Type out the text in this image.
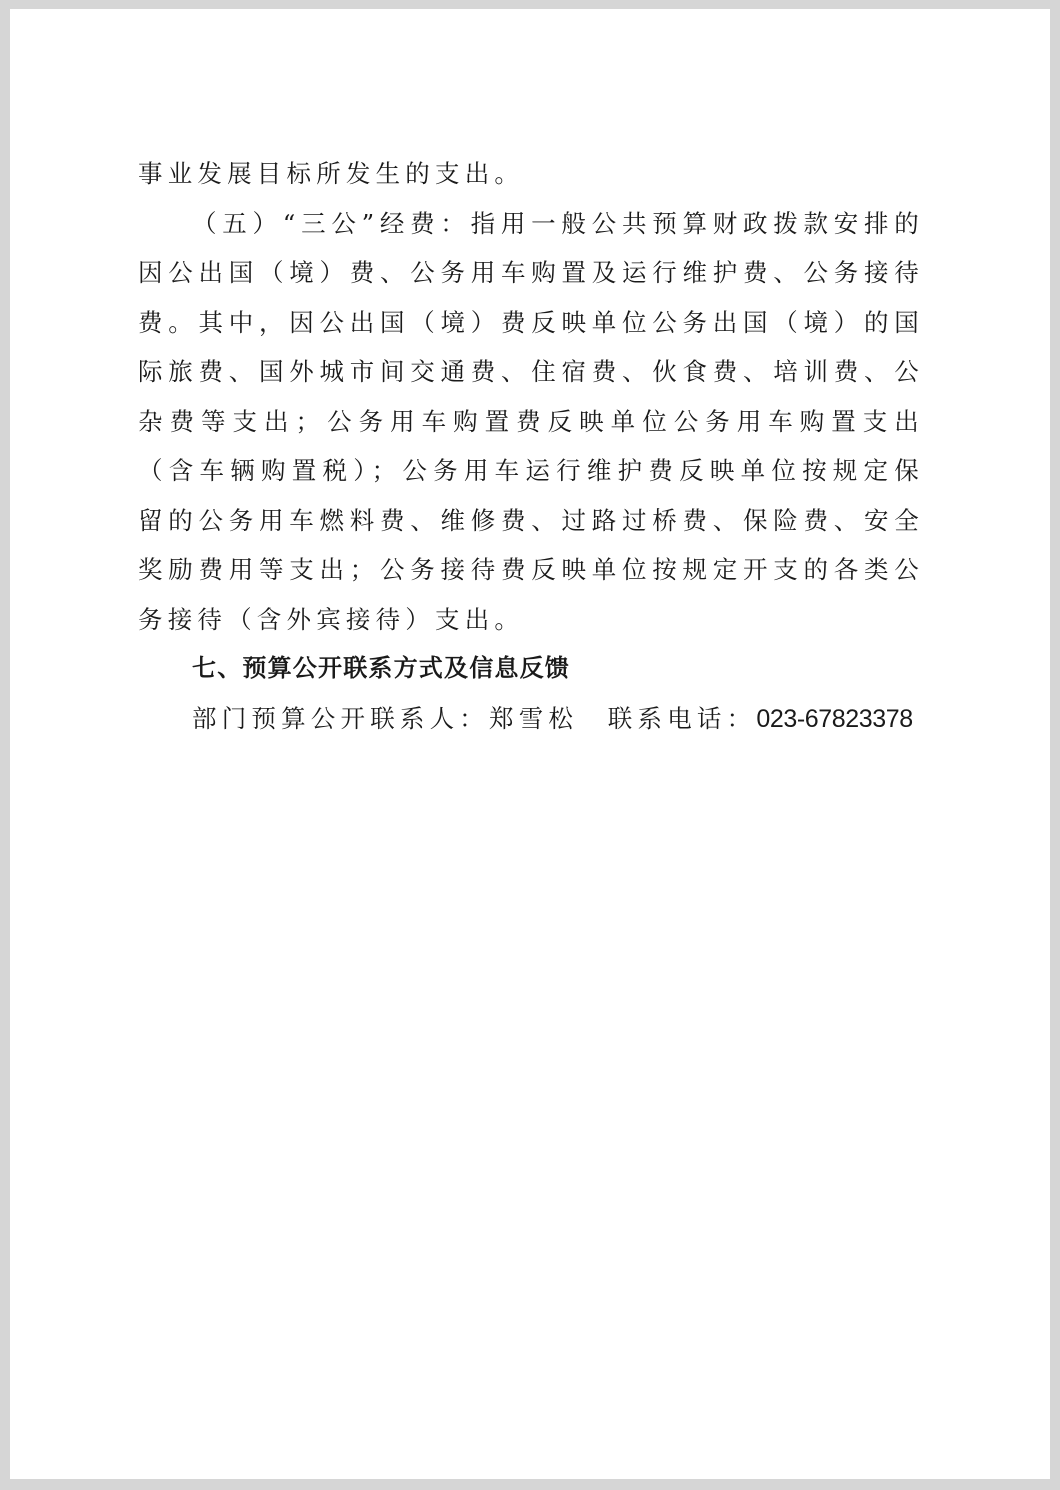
事业发展目标所发生的支出。

（五）“三公”经费：指用一般公共预算财政拨款安排的因公出国（境）费、公务用车购置及运行维护费、公务接待费。其中，因公出国（境）费反映单位公务出国（境）的国际旅费、国外城市间交通费、住宿费、伙食费、培训费、公杂费等支出；公务用车购置费反映单位公务用车购置支出（含车辆购置税）；公务用车运行维护费反映单位按规定保留的公务用车燃料费、维修费、过路过桥费、保险费、安全奖励费用等支出；公务接待费反映单位按规定开支的各类公务接待（含外宾接待）支出。

七、预算公开联系方式及信息反馈

部门预算公开联系人：郑雪松　联系电话：023-67823378
